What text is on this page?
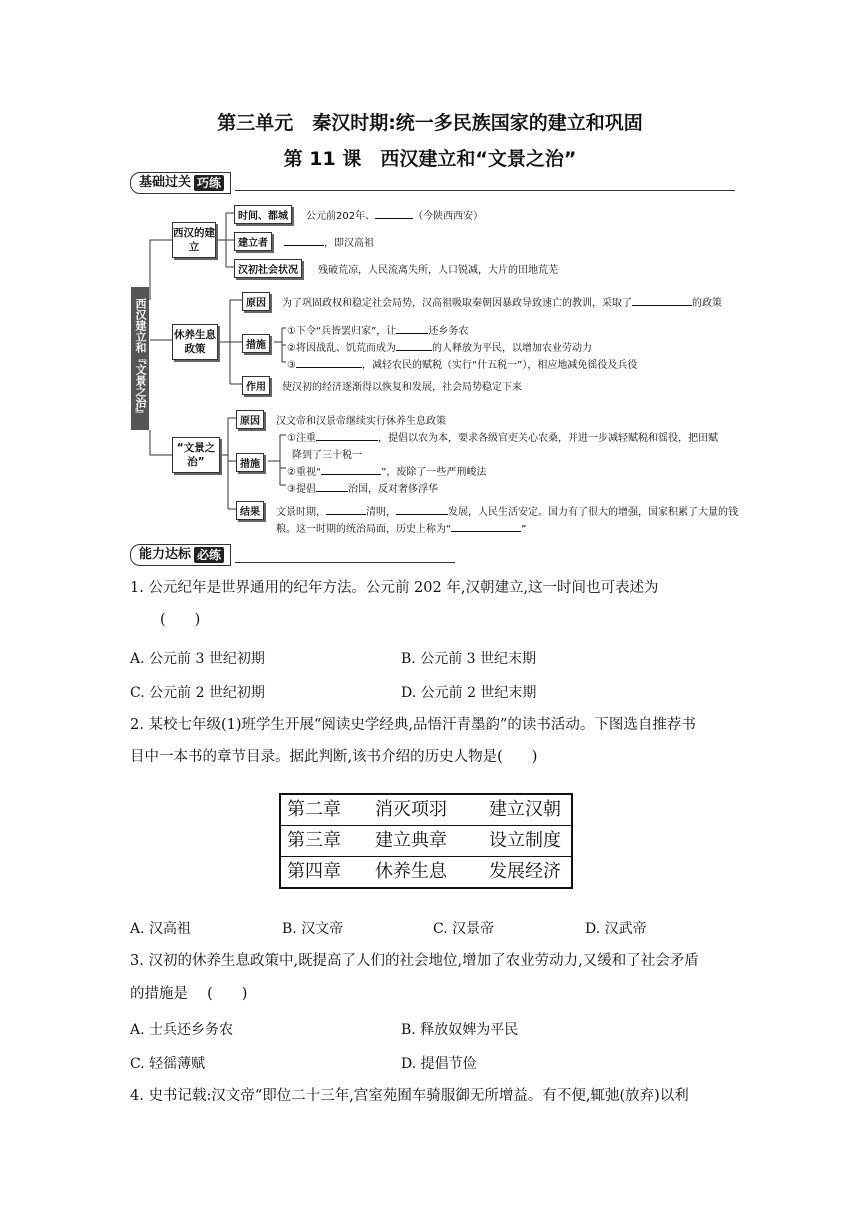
第三单元　秦汉时期:统一多民族国家的建立和巩固
第 11 课　西汉建立和“文景之治”
基础过关 巧练
西汉建立和『文景之治』
西汉的建立
时间、都城	公元前202年、	（今陕西西安）
建立者	，即汉高祖
汉初社会状况	残破荒凉，人民流离失所，人口锐减，大片的田地荒芜
休养生息政策
原因	为了巩固政权和稳定社会局势，汉高祖吸取秦朝因暴政导致速亡的教训，采取了	的政策
措施
①下令“兵皆罢归家”，让	还乡务农
②将因战乱、饥荒而成为	的人释放为平民，以增加农业劳动力
③	，减轻农民的赋税（实行“什五税一”），相应地减免徭役及兵役
作用	使汉初的经济逐渐得以恢复和发展，社会局势稳定下来
“文景之治”
原因	汉文帝和汉景帝继续实行休养生息政策
措施
①注重	，提倡以农为本，要求各级官吏关心农桑，并进一步减轻赋税和徭役，把田赋
降到了三十税一
②重视“	”，废除了一些严刑峻法
③提倡	治国，反对奢侈浮华
结果	文景时期，	清明，	发展，人民生活安定。国力有了很大的增强，国家积累了大量的钱
粮。这一时期的统治局面，历史上称为“	”
能力达标 必练
1. 公元纪年是世界通用的纪年方法。公元前 202 年,汉朝建立,这一时间也可表述为
(　　)
A. 公元前 3 世纪初期	B. 公元前 3 世纪末期
C. 公元前 2 世纪初期	D. 公元前 2 世纪末期
2. 某校七年级(1)班学生开展“阅读史学经典,品悟汗青墨韵”的读书活动。下图选自推荐书
目中一本书的章节目录。据此判断,该书介绍的历史人物是(　　)
第二章	消灭项羽	建立汉朝
第三章	建立典章	设立制度
第四章	休养生息	发展经济
A. 汉高祖	B. 汉文帝	C. 汉景帝	D. 汉武帝
3. 汉初的休养生息政策中,既提高了人们的社会地位,增加了农业劳动力,又缓和了社会矛盾
的措施是　 (　　)
A. 士兵还乡务农	B. 释放奴婢为平民
C. 轻徭薄赋	D. 提倡节俭
4. 史书记载:汉文帝“即位二十三年,宫室苑囿车骑服御无所增益。有不便,辄弛(放弃)以利
